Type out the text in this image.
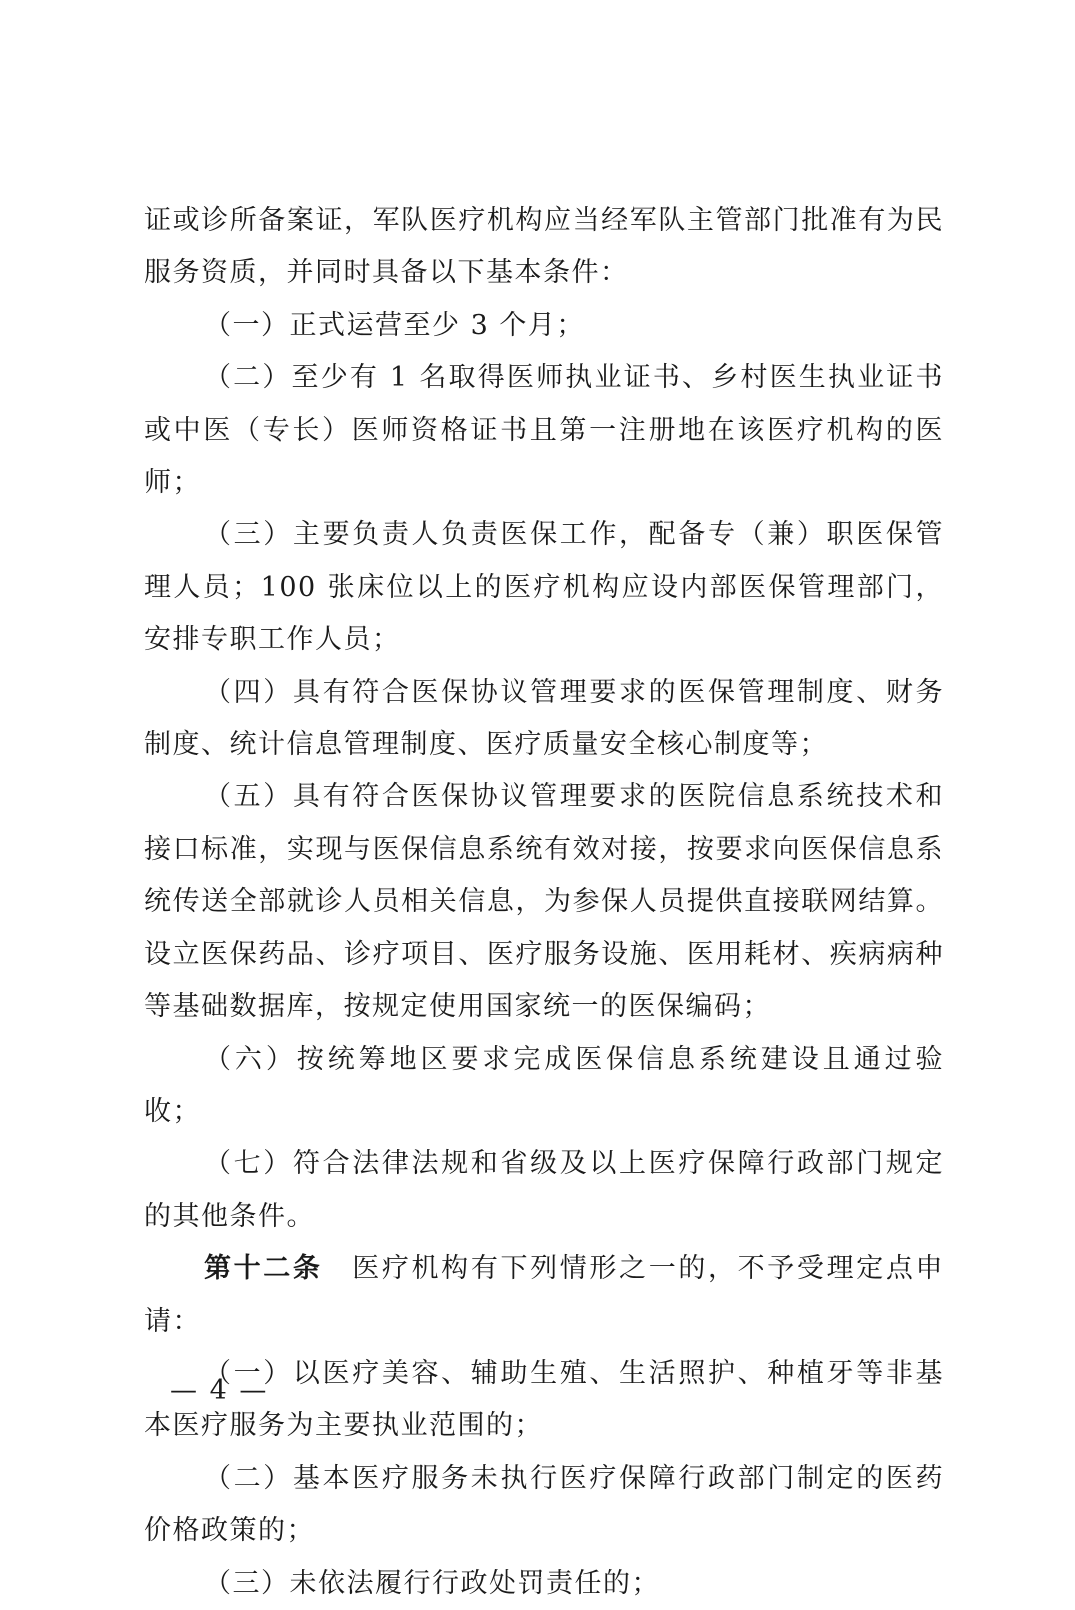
证或诊所备案证，军队医疗机构应当经军队主管部门批准有为民服务资质，并同时具备以下基本条件：

（一）正式运营至少 3 个月；

（二）至少有 1 名取得医师执业证书、乡村医生执业证书或中医（专长）医师资格证书且第一注册地在该医疗机构的医师；

（三）主要负责人负责医保工作，配备专（兼）职医保管理人员；100 张床位以上的医疗机构应设内部医保管理部门，安排专职工作人员；

（四）具有符合医保协议管理要求的医保管理制度、财务制度、统计信息管理制度、医疗质量安全核心制度等；

（五）具有符合医保协议管理要求的医院信息系统技术和接口标准，实现与医保信息系统有效对接，按要求向医保信息系统传送全部就诊人员相关信息，为参保人员提供直接联网结算。设立医保药品、诊疗项目、医疗服务设施、医用耗材、疾病病种等基础数据库，按规定使用国家统一的医保编码；

（六）按统筹地区要求完成医保信息系统建设且通过验收；

（七）符合法律法规和省级及以上医疗保障行政部门规定的其他条件。

第十二条  医疗机构有下列情形之一的，不予受理定点申请：

（一）以医疗美容、辅助生殖、生活照护、种植牙等非基本医疗服务为主要执业范围的；

（二）基本医疗服务未执行医疗保障行政部门制定的医药价格政策的；

（三）未依法履行行政处罚责任的；

— 4 —
